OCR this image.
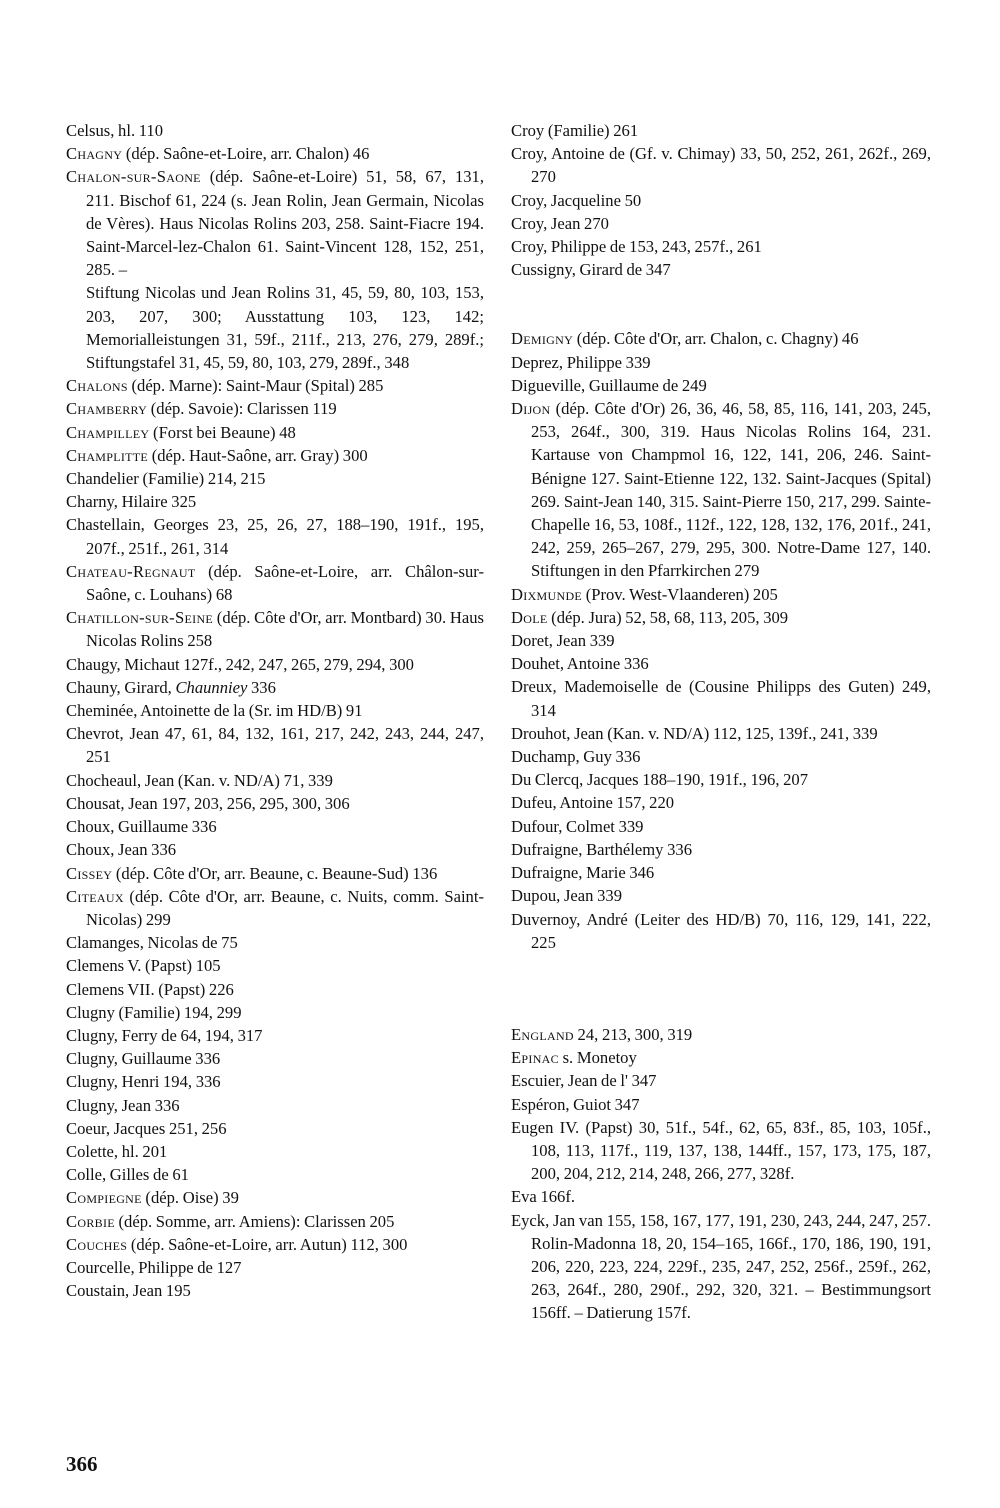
Celsus, hl. 110
Chagny (dép. Saône-et-Loire, arr. Chalon) 46
Chalon-sur-Saone (dép. Saône-et-Loire) 51, 58, 67, 131, 211. Bischof 61, 224 (s. Jean Rolin, Jean Germain, Nicolas de Vères). Haus Nicolas Rolins 203, 258. Saint-Fiacre 194. Saint-Marcel-lez-Chalon 61. Saint-Vincent 128, 152, 251, 285. –
Stiftung Nicolas und Jean Rolins 31, 45, 59, 80, 103, 153, 203, 207, 300; Ausstattung 103, 123, 142; Memorialleistungen 31, 59f., 211f., 213, 276, 279, 289f.; Stiftungstafel 31, 45, 59, 80, 103, 279, 289f., 348
Chalons (dép. Marne): Saint-Maur (Spital) 285
Chamberry (dép. Savoie): Clarissen 119
Champilley (Forst bei Beaune) 48
Champlitte (dép. Haut-Saône, arr. Gray) 300
Chandelier (Familie) 214, 215
Charny, Hilaire 325
Chastellain, Georges 23, 25, 26, 27, 188–190, 191f., 195, 207f., 251f., 261, 314
Chateau-Regnaut (dép. Saône-et-Loire, arr. Châlon-sur-Saône, c. Louhans) 68
Chatillon-sur-Seine (dép. Côte d'Or, arr. Montbard) 30. Haus Nicolas Rolins 258
Chaugy, Michaut 127f., 242, 247, 265, 279, 294, 300
Chauny, Girard, Chaunniey 336
Cheminée, Antoinette de la (Sr. im HD/B) 91
Chevrot, Jean 47, 61, 84, 132, 161, 217, 242, 243, 244, 247, 251
Chocheaul, Jean (Kan. v. ND/A) 71, 339
Chousat, Jean 197, 203, 256, 295, 300, 306
Choux, Guillaume 336
Choux, Jean 336
Cissey (dép. Côte d'Or, arr. Beaune, c. Beaune-Sud) 136
Citeaux (dép. Côte d'Or, arr. Beaune, c. Nuits, comm. Saint-Nicolas) 299
Clamanges, Nicolas de 75
Clemens V. (Papst) 105
Clemens VII. (Papst) 226
Clugny (Familie) 194, 299
Clugny, Ferry de 64, 194, 317
Clugny, Guillaume 336
Clugny, Henri 194, 336
Clugny, Jean 336
Coeur, Jacques 251, 256
Colette, hl. 201
Colle, Gilles de 61
Compiegne (dép. Oise) 39
Corbie (dép. Somme, arr. Amiens): Clarissen 205
Couches (dép. Saône-et-Loire, arr. Autun) 112, 300
Courcelle, Philippe de 127
Coustain, Jean 195
Croy (Familie) 261
Croy, Antoine de (Gf. v. Chimay) 33, 50, 252, 261, 262f., 269, 270
Croy, Jacqueline 50
Croy, Jean 270
Croy, Philippe de 153, 243, 257f., 261
Cussigny, Girard de 347
Demigny (dép. Côte d'Or, arr. Chalon, c. Chagny) 46
Deprez, Philippe 339
Digueville, Guillaume de 249
Dijon (dép. Côte d'Or) 26, 36, 46, 58, 85, 116, 141, 203, 245, 253, 264f., 300, 319. Haus Nicolas Rolins 164, 231. Kartause von Champmol 16, 122, 141, 206, 246. Saint-Bénigne 127. Saint-Etienne 122, 132. Saint-Jacques (Spital) 269. Saint-Jean 140, 315. Saint-Pierre 150, 217, 299. Sainte-Chapelle 16, 53, 108f., 112f., 122, 128, 132, 176, 201f., 241, 242, 259, 265–267, 279, 295, 300. Notre-Dame 127, 140. Stiftungen in den Pfarrkirchen 279
Dixmunde (Prov. West-Vlaanderen) 205
Dole (dép. Jura) 52, 58, 68, 113, 205, 309
Doret, Jean 339
Douhet, Antoine 336
Dreux, Mademoiselle de (Cousine Philipps des Guten) 249, 314
Drouhot, Jean (Kan. v. ND/A) 112, 125, 139f., 241, 339
Duchamp, Guy 336
Du Clercq, Jacques 188–190, 191f., 196, 207
Dufeu, Antoine 157, 220
Dufour, Colmet 339
Dufraigne, Barthélemy 336
Dufraigne, Marie 346
Dupou, Jean 339
Duvernoy, André (Leiter des HD/B) 70, 116, 129, 141, 222, 225
England 24, 213, 300, 319
Epinac s. Monetoy
Escuier, Jean de l' 347
Espéron, Guiot 347
Eugen IV. (Papst) 30, 51f., 54f., 62, 65, 83f., 85, 103, 105f., 108, 113, 117f., 119, 137, 138, 144ff., 157, 173, 175, 187, 200, 204, 212, 214, 248, 266, 277, 328f.
Eva 166f.
Eyck, Jan van 155, 158, 167, 177, 191, 230, 243, 244, 247, 257. Rolin-Madonna 18, 20, 154–165, 166f., 170, 186, 190, 191, 206, 220, 223, 224, 229f., 235, 247, 252, 256f., 259f., 262, 263, 264f., 280, 290f., 292, 320, 321. – Bestimmungsort 156ff. – Datierung 157f.
366
